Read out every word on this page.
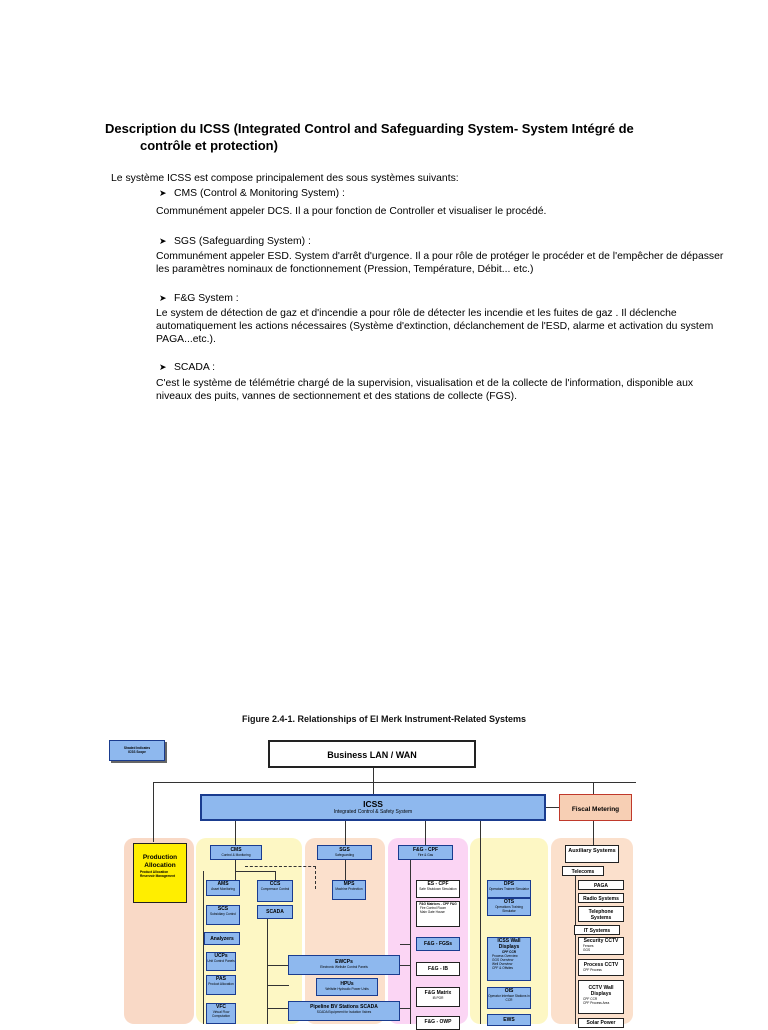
Description du ICSS (Integrated Control and Safeguarding System- System Intégré de
contrôle et protection)
Le système ICSS est compose principalement des sous systèmes suivants:
➤ CMS (Control & Monitoring System) :
Communément appeler DCS. Il a pour fonction de Controller et visualiser le procédé.
➤ SGS (Safeguarding System) :
Communément appeler ESD. System d'arrêt d'urgence. Il a pour rôle de protéger le procéder et de l'empêcher de dépasser les paramètres nominaux de fonctionnement (Pression, Température, Débit... etc.)
➤ F&G System :
Le system de détection de gaz et d'incendie a pour rôle de détecter les incendie et les fuites de gaz . Il déclenche automatiquement les actions nécessaires (Système d'extinction, déclanchement de l'ESD, alarme et activation du system PAGA...etc.).
➤ SCADA :
C'est le système de télémétrie chargé de la supervision, visualisation et de la collecte de l'information, disponible aux niveaux des puits, vannes de sectionnement et des stations de collecte (FGS).
Figure 2.4-1. Relationships of El Merk Instrument-Related Systems
Shaded Indicates
ICSS Scope	Business LAN / WAN
ICSS
Integrated Control & Safety System	Fiscal Metering
Production Allocation
Product Allocation
Reservoir Management
CMS
Control & Monitoring
AMS
Asset Monitoring
CCS
Compressor Control
SCS
Subsidiary Control	SCADA
Analyzers
UCPs
Unit Control Panels
PAS
Product Allocation
VFC
Virtual Flow Computation
SGS
Safeguarding
MPS
Machine Protection
EWCPs
Electronic Wellsite Control Panels
HPUs
Wellsite Hydraulic Power Units
Pipeline BV Stations SCADA
SCADA Equipment for Isolation Valves
F&G - CPF
Fire & Gas
ES - CPF
Safe Shutdown Simulation
F&G Matrices - CPF F&G
Fire Control Room
Main Gate House
F&G - FGSs
F&G - IB
F&G Matrix
IB POR
F&G - OWP
DPS
Operators Trainee Simulator
OTS
Operations Training Simulator
ICSS Wall Displays
CPF CCR
Process Overview
GGS Overview
Well Overview
CPF & Offsites
OIS
Operator Interface Stations in CCR
EWS
Auxiliary Systems
Telecoms
PAGA
Radio Systems
Telephone Systems
IT Systems
Security CCTV
Fences
GGS
Process CCTV
CPF Process
CCTV Wall Displays
CPF CCR
CPF Process Area
Solar Power
